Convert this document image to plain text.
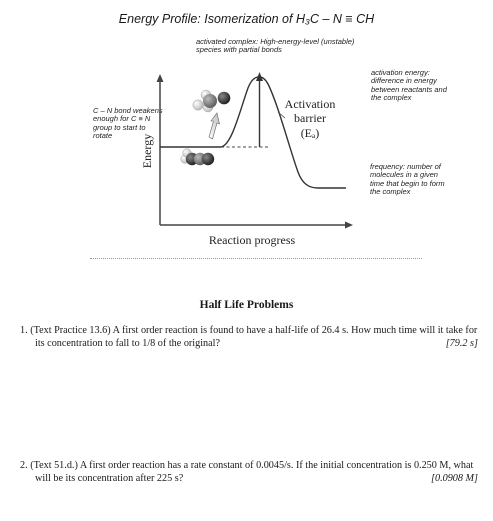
Energy Profile: Isomerization of H₃C – N ≡ CH
activated complex: High-energy-level (unstable) species with partial bonds
C – N bond weakens enough for C ≡ N group to start to rotate
activation energy: difference in energy between reactants and the complex
frequency: number of molecules in a given time that begin to form the complex
Activation
barrier
(Eₐ)
Energy
Reaction progress
Half Life Problems
1. (Text Practice 13.6) A first order reaction is found to have a half-life of 26.4 s. How much time will it take for its concentration to fall to 1/8 of the original?	[79.2 s]
2. (Text 51.d.) A first order reaction has a rate constant of 0.0045/s. If the initial concentration is 0.250 M, what will be its concentration after 225 s?	[0.0908 M]
